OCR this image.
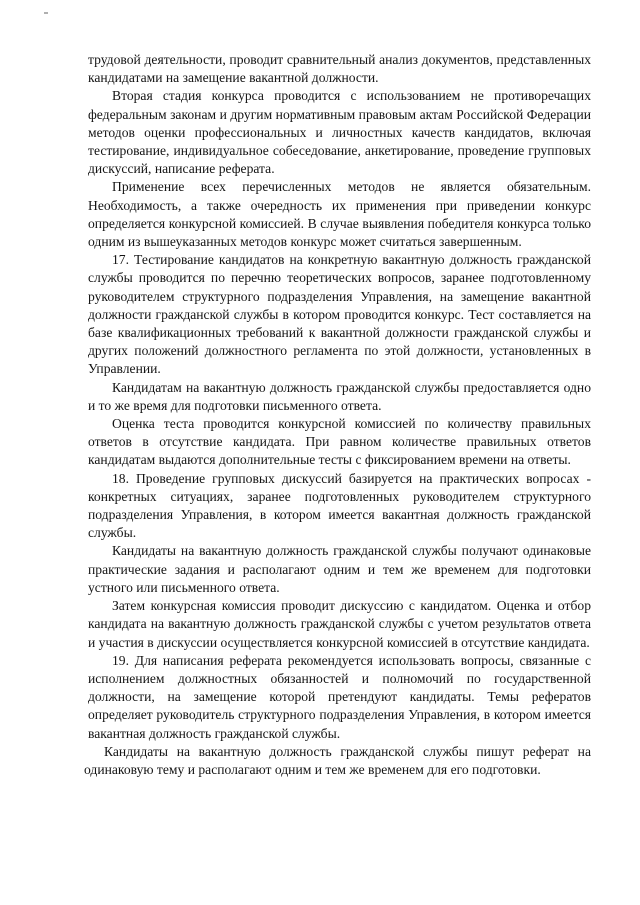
трудовой деятельности, проводит сравнительный анализ документов, представленных кандидатами на замещение вакантной должности.

Вторая стадия конкурса проводится с использованием не противоречащих федеральным законам и другим нормативным правовым актам Российской Федерации методов оценки профессиональных и личностных качеств кандидатов, включая тестирование, индивидуальное собеседование, анкетирование, проведение групповых дискуссий, написание реферата.

Применение всех перечисленных методов не является обязательным. Необходимость, а также очередность их применения при приведении конкурс определяется конкурсной комиссией. В случае выявления победителя конкурса только одним из вышеуказанных методов конкурс может считаться завершенным.

17. Тестирование кандидатов на конкретную вакантную должность гражданской службы проводится по перечню теоретических вопросов, заранее подготовленному руководителем структурного подразделения Управления, на замещение вакантной должности гражданской службы в котором проводится конкурс. Тест составляется на базе квалификационных требований к вакантной должности гражданской службы и других положений должностного регламента по этой должности, установленных в Управлении.

Кандидатам на вакантную должность гражданской службы предоставляется одно и то же время для подготовки письменного ответа.

Оценка теста проводится конкурсной комиссией по количеству правильных ответов в отсутствие кандидата. При равном количестве правильных ответов кандидатам выдаются дополнительные тесты с фиксированием времени на ответы.

18. Проведение групповых дискуссий базируется на практических вопросах - конкретных ситуациях, заранее подготовленных руководителем структурного подразделения Управления, в котором имеется вакантная должность гражданской службы.

Кандидаты на вакантную должность гражданской службы получают одинаковые практические задания и располагают одним и тем же временем для подготовки устного или письменного ответа.

Затем конкурсная комиссия проводит дискуссию с кандидатом. Оценка и отбор кандидата на вакантную должность гражданской службы с учетом результатов ответа и участия в дискуссии осуществляется конкурсной комиссией в отсутствие кандидата.

19. Для написания реферата рекомендуется использовать вопросы, связанные с исполнением должностных обязанностей и полномочий по государственной должности, на замещение которой претендуют кандидаты. Темы рефератов определяет руководитель структурного подразделения Управления, в котором имеется вакантная должность гражданской службы.

Кандидаты на вакантную должность гражданской службы пишут реферат на одинаковую тему и располагают одним и тем же временем для его подготовки.
